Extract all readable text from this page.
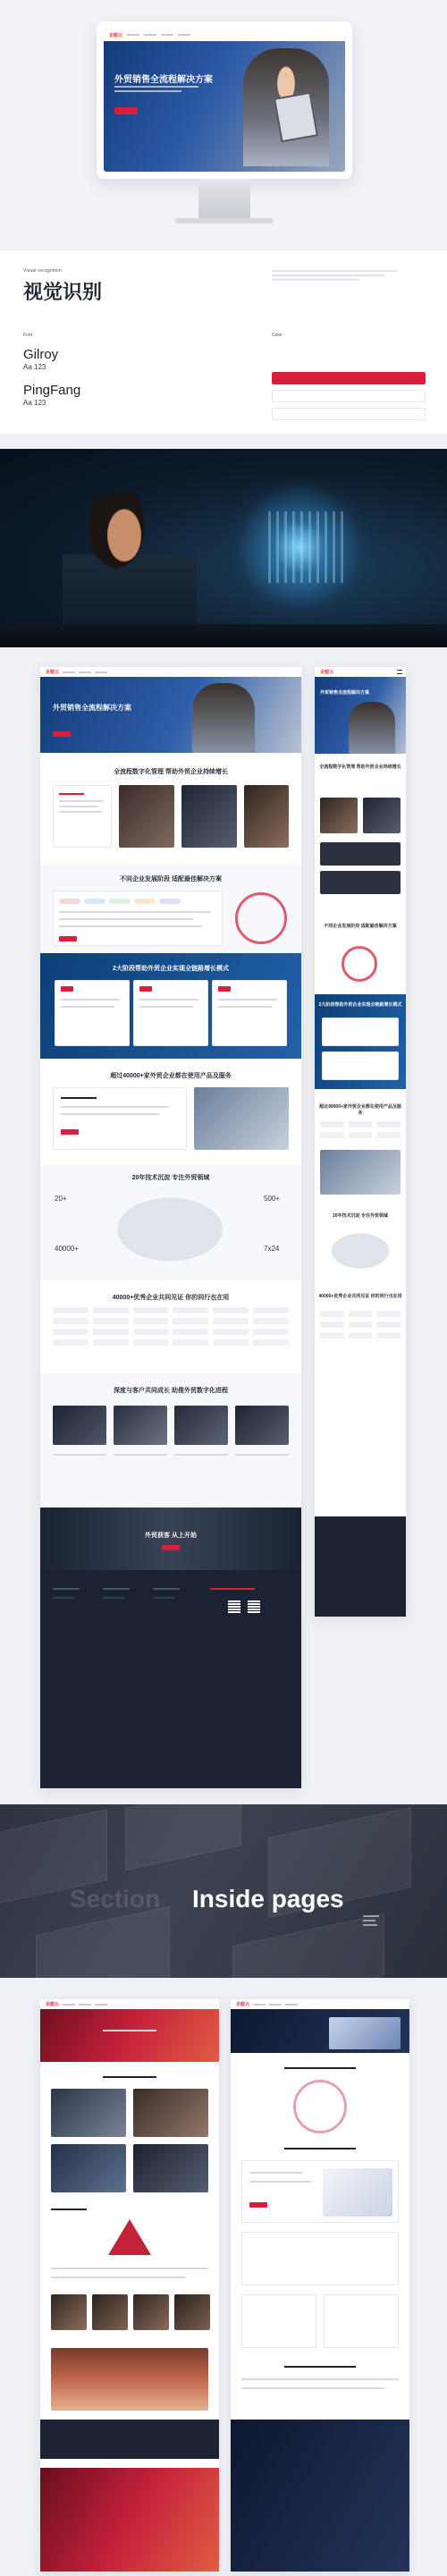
企服云
外贸销售全流程解决方案
Visual recognition
视觉识别
Font	Color
Gilroy
Aa 123
PingFang
Aa 123
企服云
外贸销售全流程解决方案
全流程数字化管理 帮助外贸企业持续增长
不同企业发展阶段 适配最佳解决方案
2大阶段帮助外贸企业实现全链路增长模式
超过40000+家外贸企业都在使用产品及服务
20年技术沉淀 专注外贸领域
20+	500+
40000+	7x24
40000+优秀企业共同见证 你的同行也在用
深度与客户共同成长 助推外贸数字化进程
外贸获客 从上开始
企服云
外贸销售全流程解决方案
全流程数字化管理 帮助外贸企业持续增长
不同企业发展阶段 适配最佳解决方案
2大阶段帮助外贸企业实现全链路增长模式
超过40000+家外贸企业都在使用产品及服务
20年技术沉淀 专注外贸领域
40000+优秀企业共同见证 你的同行也在用
Section Inside pages
企服云	企服云
